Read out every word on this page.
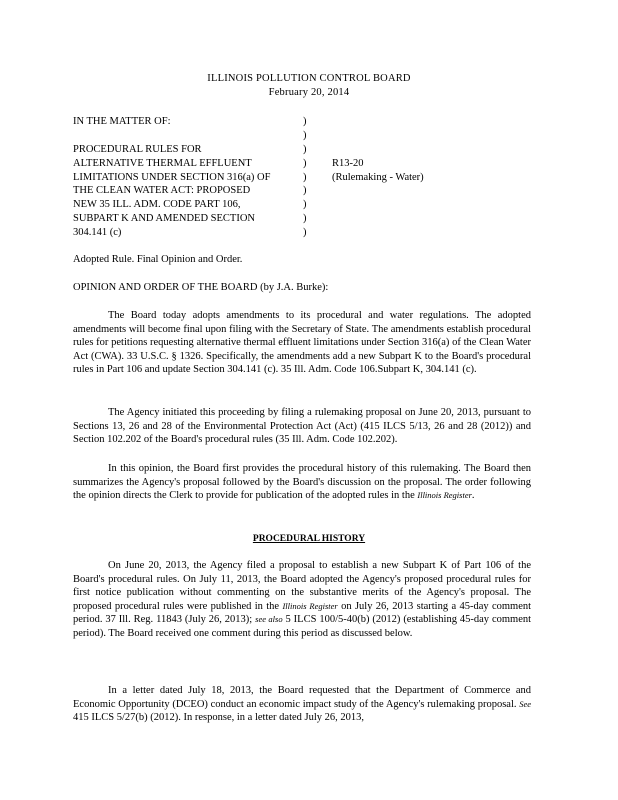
ILLINOIS POLLUTION CONTROL BOARD
February 20, 2014
IN THE MATTER OF:
PROCEDURAL RULES FOR
ALTERNATIVE THERMAL EFFLUENT
LIMITATIONS UNDER SECTION 316(a) OF
THE CLEAN WATER ACT: PROPOSED
NEW 35 ILL. ADM. CODE PART 106,
SUBPART K AND AMENDED SECTION
304.141 (c)
)
)
)
)
)
)
)
)
)
R13-20
(Rulemaking - Water)
Adopted Rule. Final Opinion and Order.
OPINION AND ORDER OF THE BOARD (by J.A. Burke):

The Board today adopts amendments to its procedural and water regulations. The adopted amendments will become final upon filing with the Secretary of State. The amendments establish procedural rules for petitions requesting alternative thermal effluent limitations under Section 316(a) of the Clean Water Act (CWA). 33 U.S.C. § 1326. Specifically, the amendments add a new Subpart K to the Board's procedural rules in Part 106 and update Section 304.141 (c). 35 Ill. Adm. Code 106.Subpart K, 304.141 (c).

The Agency initiated this proceeding by filing a rulemaking proposal on June 20, 2013, pursuant to Sections 13, 26 and 28 of the Environmental Protection Act (Act) (415 ILCS 5/13, 26 and 28 (2012)) and Section 102.202 of the Board's procedural rules (35 Ill. Adm. Code 102.202).

In this opinion, the Board first provides the procedural history of this rulemaking. The Board then summarizes the Agency's proposal followed by the Board's discussion on the proposal. The order following the opinion directs the Clerk to provide for publication of the adopted rules in the Illinois Register.

PROCEDURAL HISTORY

On June 20, 2013, the Agency filed a proposal to establish a new Subpart K of Part 106 of the Board's procedural rules. On July 11, 2013, the Board adopted the Agency's proposed procedural rules for first notice publication without commenting on the substantive merits of the Agency's proposal. The proposed procedural rules were published in the Illinois Register on July 26, 2013 starting a 45-day comment period. 37 Ill. Reg. 11843 (July 26, 2013); see also 5 ILCS 100/5-40(b) (2012) (establishing 45-day comment period). The Board received one comment during this period as discussed below.

In a letter dated July 18, 2013, the Board requested that the Department of Commerce and Economic Opportunity (DCEO) conduct an economic impact study of the Agency's rulemaking proposal. See 415 ILCS 5/27(b) (2012). In response, in a letter dated July 26, 2013,
